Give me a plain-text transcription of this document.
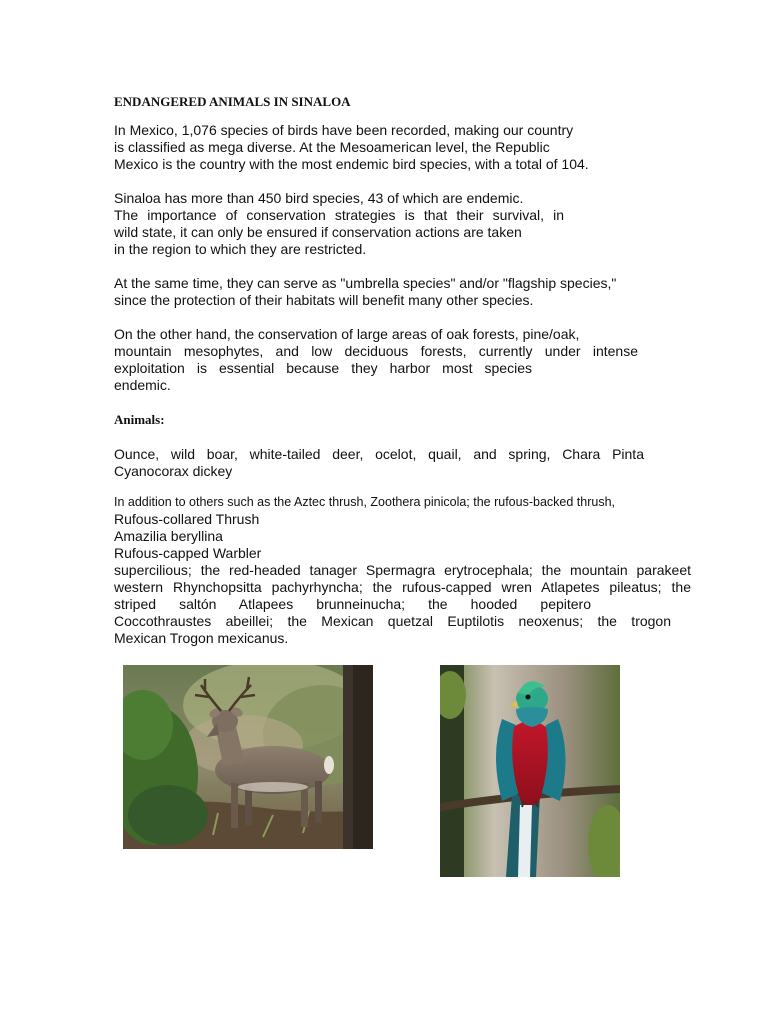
ENDANGERED ANIMALS IN SINALOA
In Mexico, 1,076 species of birds have been recorded, making our country
is classified as mega diverse. At the Mesoamerican level, the Republic
Mexico is the country with the most endemic bird species, with a total of 104.
Sinaloa has more than 450 bird species, 43 of which are endemic.
The importance of conservation strategies is that their survival, in
wild state, it can only be ensured if conservation actions are taken
in the region to which they are restricted.
At the same time, they can serve as "umbrella species" and/or "flagship species,"
since the protection of their habitats will benefit many other species.
On the other hand, the conservation of large areas of oak forests, pine/oak,
mountain mesophytes, and low deciduous forests, currently under intense
exploitation is essential because they harbor most species
endemic.
Animals:
Ounce, wild boar, white-tailed deer, ocelot, quail, and spring, Chara Pinta
Cyanocorax dickey
In addition to others such as the Aztec thrush, Zoothera pinicola; the rufous-backed thrush,
Rufous-collared Thrush
Amazilia beryllina
Rufous-capped Warbler
supercilious; the red-headed tanager Spermagra erytrocephala; the mountain parakeet
western Rhynchopsitta pachyrhyncha; the rufous-capped wren Atlapetes pileatus; the
striped saltón Atlapees brunneinucha; the hooded pepitero
Coccothraustes abeillei; the Mexican quetzal Euptilotis neoxenus; the trogon
Mexican Trogon mexicanus.
